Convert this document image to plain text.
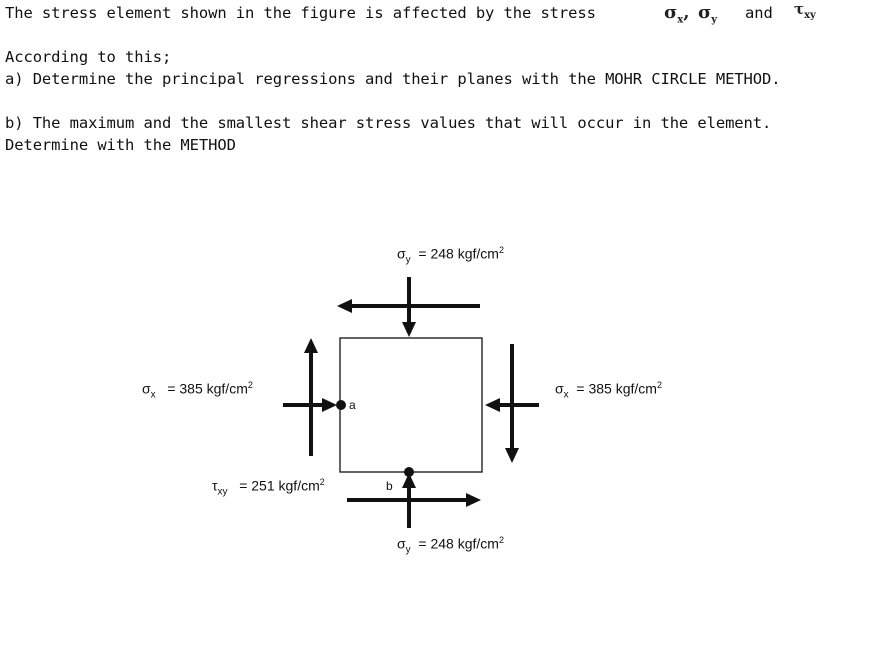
The stress element shown in the figure is affected by the stress	$\sigma_x$, $\sigma_y$ and $\tau_{xy}$
According to this;
a) Determine the principal regressions and their planes with the MOHR CIRCLE METHOD.
b) The maximum and the smallest shear stress values that will occur in the element.
Determine with the METHOD
$\sigma_y = 248$ kgf/$cm^2$
$\sigma_x = 385$ kgf/$cm^2$	$\sigma_x = 385$ kgf/$cm^2$
a
b
$\tau_{xy} = 251$ kgf/$cm^2$
$\sigma_y = 248$ kgf/$cm^2$
